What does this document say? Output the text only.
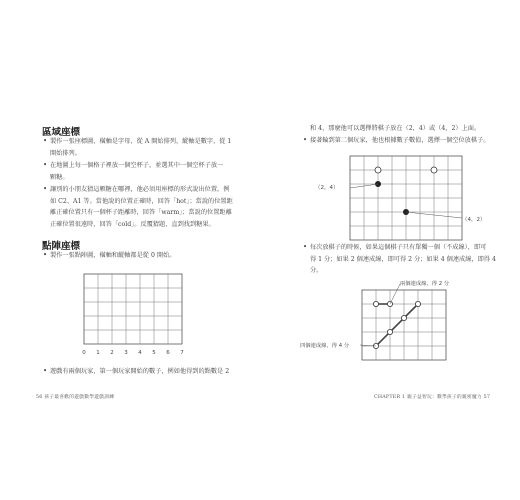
區域座標
• 製作一張座標圖，橫軸是字母，從 A 開始排列，縱軸是數字，從 1
開始排列。
• 在地圖上每一個格子裡放一個空杯子，並選其中一個空杯子放一
顆糖。
• 讓別的小朋友猜這顆糖在哪裡，他必須用座標的形式說出位置，例
如 C2、A1 等。當他說的位置正確時，回答「hot」；當說的位置距
離正確位置只有一個杯子距離時，回答「warm」；當說的位置距離
正確位置很遠時，回答「cold」。反覆猜題，直到找到糖果。
點陣座標
• 製作一張點陣圖，橫軸和縱軸都是從 0 開始。
0 1 2 3 4 5 6 7
• 遊戲有兩個玩家，第一個玩家開始的數子，例如他得到的點數是 2
56 孩子最喜歡的遊戲數學遊戲訓練
和 4，那麼他可以選擇將棋子放在（2，4）或（4，2）上面。
• 接著輪到第二個玩家，他也根據數子數值，選擇一個空位放棋子。
（2，4）
（4，2）
• 每次放棋子的時候，如果這個棋子只有單獨一個（不成線），即可
得 1 分；如果 2 個連成線，即可得 2 分；如果 4 個連成線，即得 4
分。
兩個連成線，得 2 分
四個連成線，得 4 分
CHAPTER 1 親子益智玩：數學孩子的親密魔力 57
